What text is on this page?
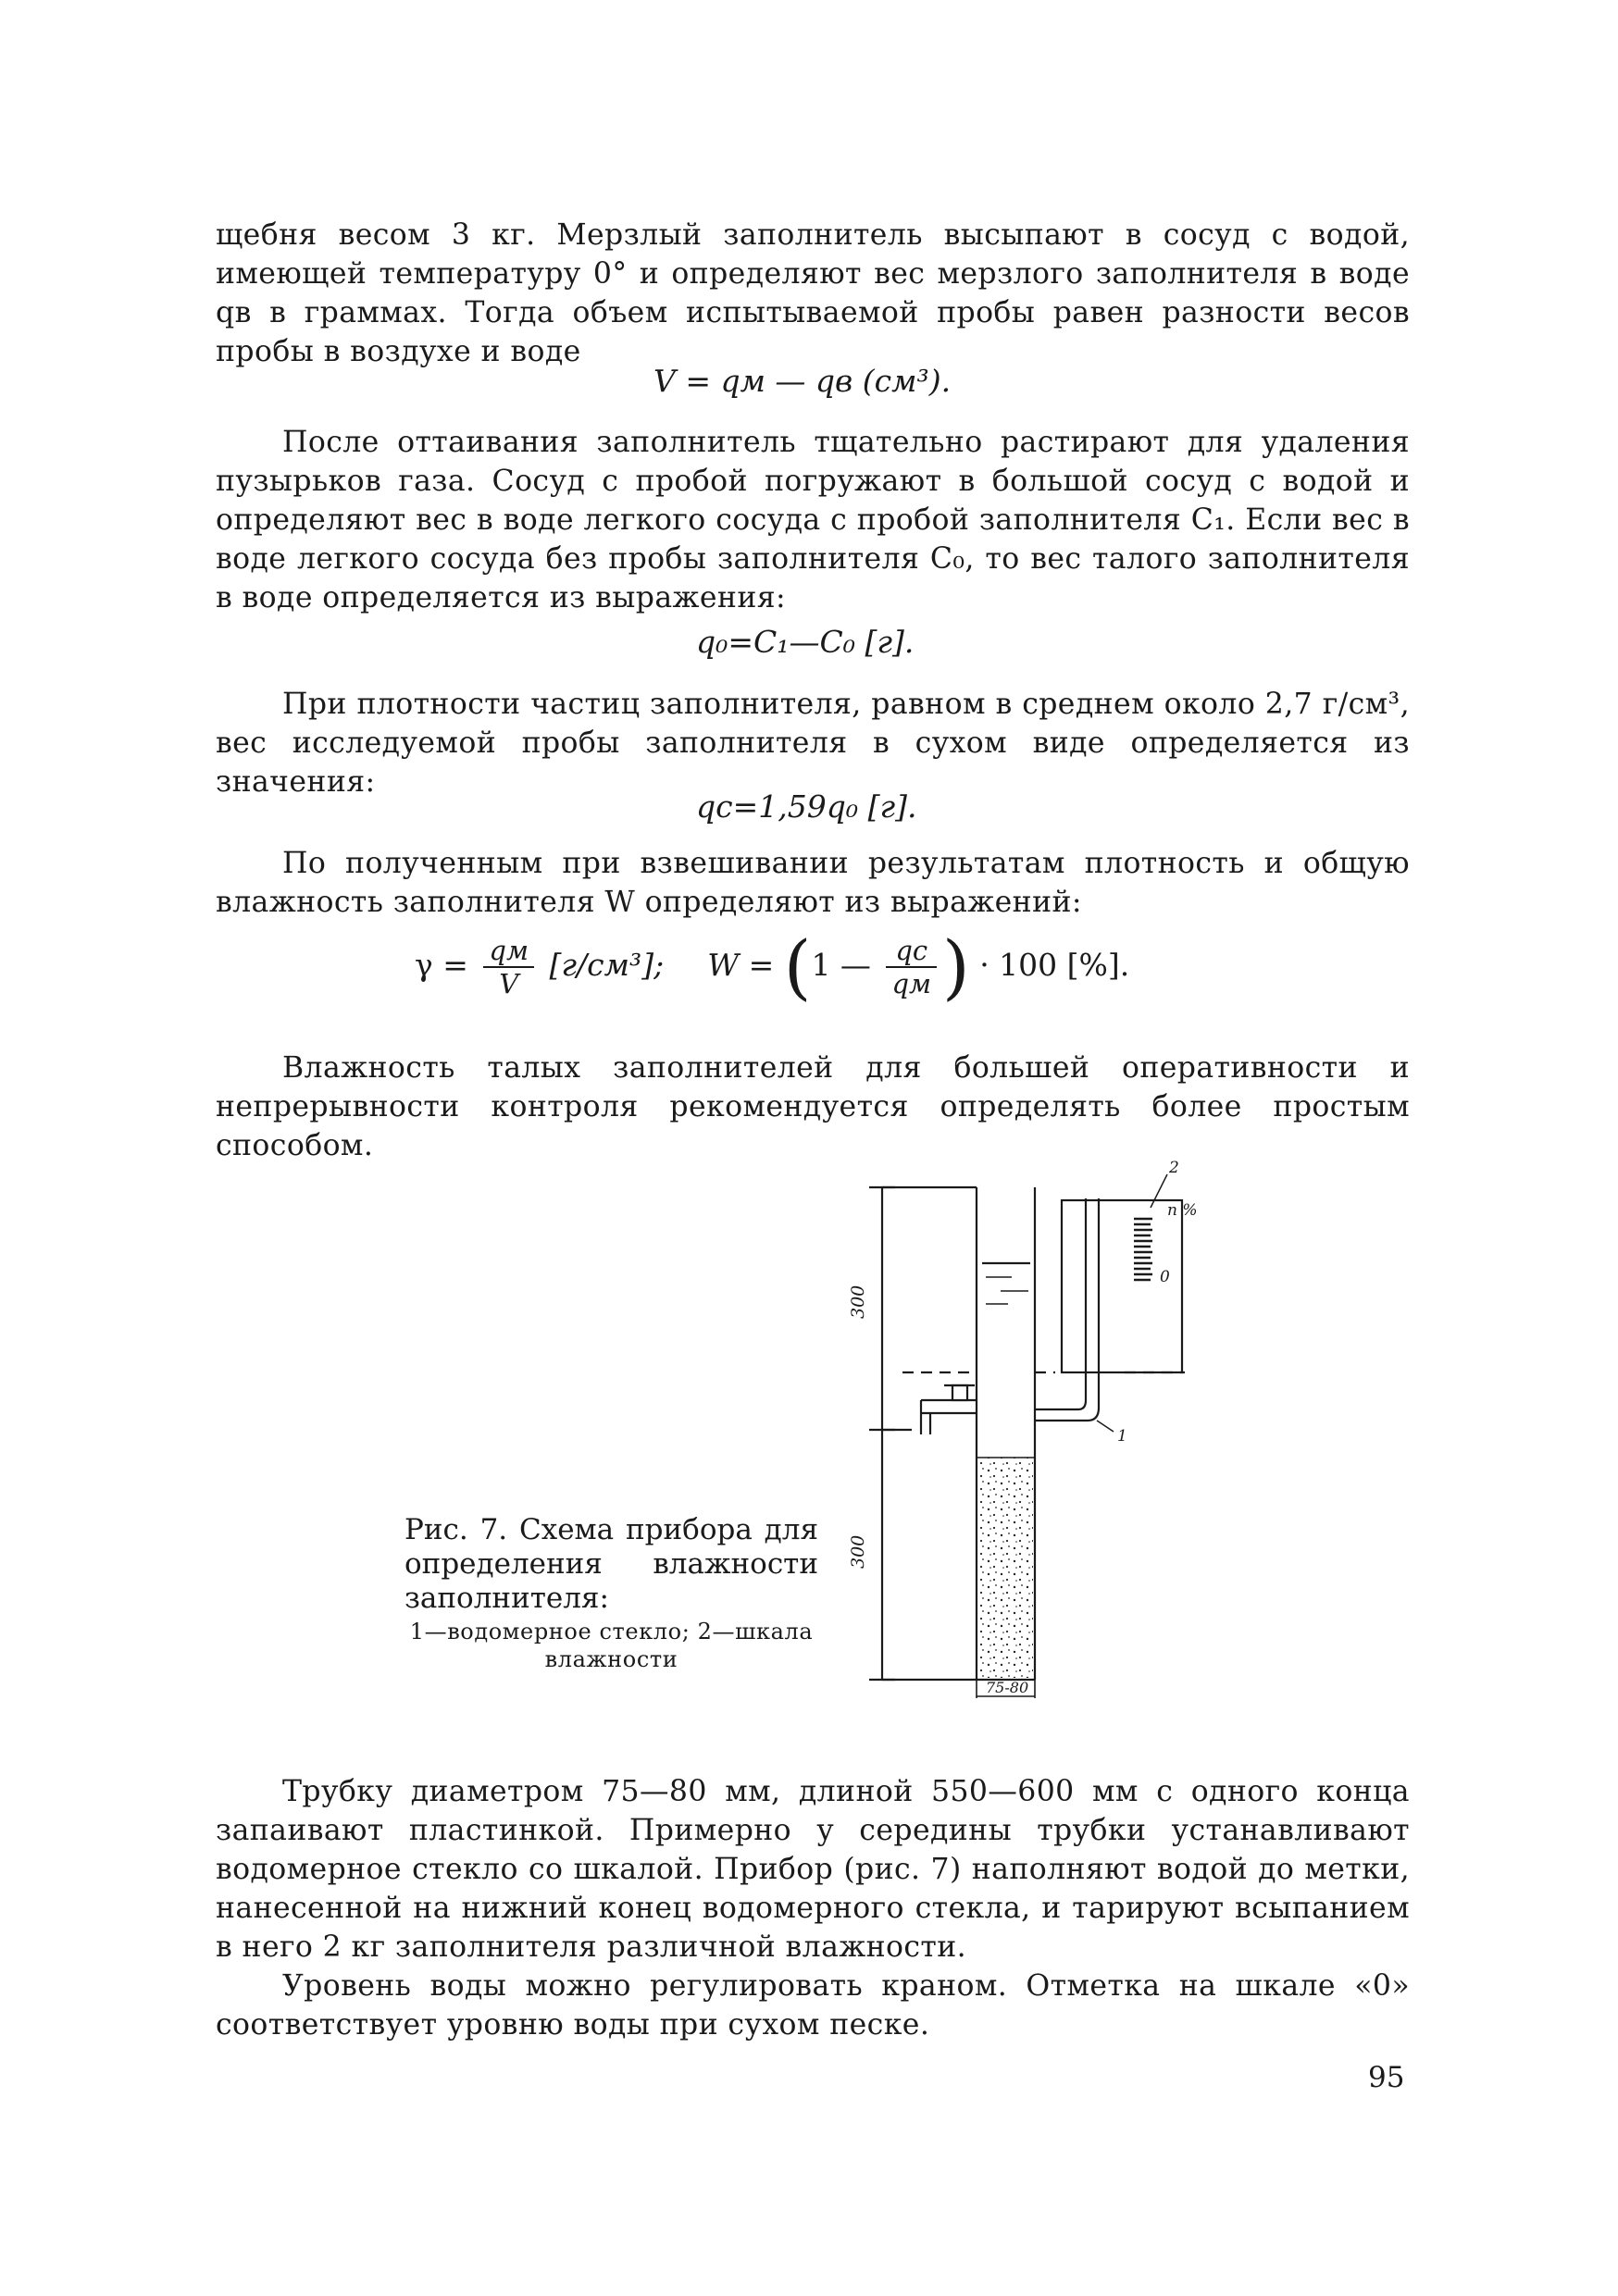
щебня весом 3 кг. Мерзлый заполнитель высыпают в сосуд с водой, имеющей температуру 0° и определяют вес мерзлого заполнителя в воде qв в граммах. Тогда объем испытываемой пробы равен разности весов пробы в воздухе и воде

V = qм — qв (см³).

После оттаивания заполнитель тщательно растирают для удаления пузырьков газа. Сосуд с пробой погружают в большой сосуд с водой и определяют вес в воде легкого сосуда с пробой заполнителя C₁. Если вес в воде легкого сосуда без пробы заполнителя C₀, то вес талого заполнителя в воде определяется из выражения:

q₀=C₁—C₀ [г].

При плотности частиц заполнителя, равном в среднем около 2,7 г/см³, вес исследуемой пробы заполнителя в сухом виде определяется из значения:

qс=1,59q₀ [г].

По полученным при взвешивании результатам плотность и общую влажность заполнителя W определяют из выражений:

$\gamma = \frac{qм}{V} [г/см^3]$; W = (1 — $\frac{qс}{qм}$ ) · 100 [%].

Влажность талых заполнителей для большей оперативности и непрерывности контроля рекомендуется определять более простым способом.

Рис. 7. Схема прибора для определения влажности заполнителя:
1—водомерное стекло; 2—шкала влажности
300
300
75-80
n %
0
2
1

Трубку диаметром 75—80 мм, длиной 550—600 мм с одного конца запаивают пластинкой. Примерно у середины трубки устанавливают водомерное стекло со шкалой. Прибор (рис. 7) наполняют водой до метки, нанесенной на нижний конец водомерного стекла, и тарируют всыпанием в него 2 кг заполнителя различной влажности.

Уровень воды можно регулировать краном. Отметка на шкале «0» соответствует уровню воды при сухом песке.

95
